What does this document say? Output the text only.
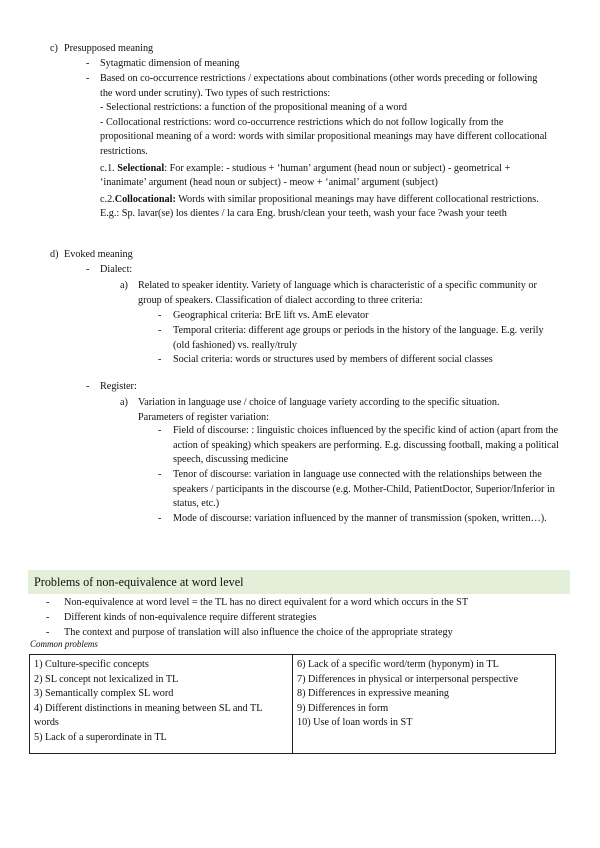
c) Presupposed meaning
- Sytagmatic dimension of meaning
- Based on co-occurrence restrictions / expectations about combinations (other words preceding or following the word under scrutiny). Two types of such restrictions:
- Selectional restrictions: a function of the propositional meaning of a word
- Collocational restrictions: word co-occurrence restrictions which do not follow logically from the propositional meaning of a word: words with similar propositional meanings may have different collocational restrictions.
c.1. Selectional: For example: - studious + ‘human’ argument (head noun or subject) - geometrical + ‘inanimate’ argument (head noun or subject) - meow + ‘animal’ argument (subject)
c.2.Collocational: Words with similar propositional meanings may have different collocational restrictions. E.g.: Sp. lavar(se) los dientes / la cara Eng. brush/clean your teeth, wash your face ?wash your teeth
d) Evoked meaning
- Dialect:
a) Related to speaker identity. Variety of language which is characteristic of a specific community or group of speakers. Classification of dialect according to three criteria:
- Geographical criteria: BrE lift vs. AmE elevator
- Temporal criteria: different age groups or periods in the history of the language. E.g. verily (old fashioned) vs. really/truly
- Social criteria: words or structures used by members of different social classes
- Register:
a) Variation in language use / choice of language variety according to the specific situation. Parameters of register variation:
- Field of discourse: : linguistic choices influenced by the specific kind of action (apart from the action of speaking) which speakers are performing. E.g. discussing football, making a political speech, discussing medicine
- Tenor of discourse: variation in language use connected with the relationships between the speakers / participants in the discourse (e.g. Mother-Child, PatientDoctor, Superior/Inferior in status, etc.)
- Mode of discourse: variation influenced by the manner of transmission (spoken, written…).
Problems of non-equivalence at word level
- Non-equivalence at word level = the TL has no direct equivalent for a word which occurs in the ST
- Different kinds of non-equivalence require different strategies
- The context and purpose of translation will also influence the choice of the appropriate strategy
Common problems
1) Culture-specific concepts
2) SL concept not lexicalized in TL
3) Semantically complex SL word
4) Different distinctions in meaning between SL and TL words
5) Lack of a superordinate in TL

6) Lack of a specific word/term (hyponym) in TL
7) Differences in physical or interpersonal perspective
8) Differences in expressive meaning
9) Differences in form
10) Use of loan words in ST
